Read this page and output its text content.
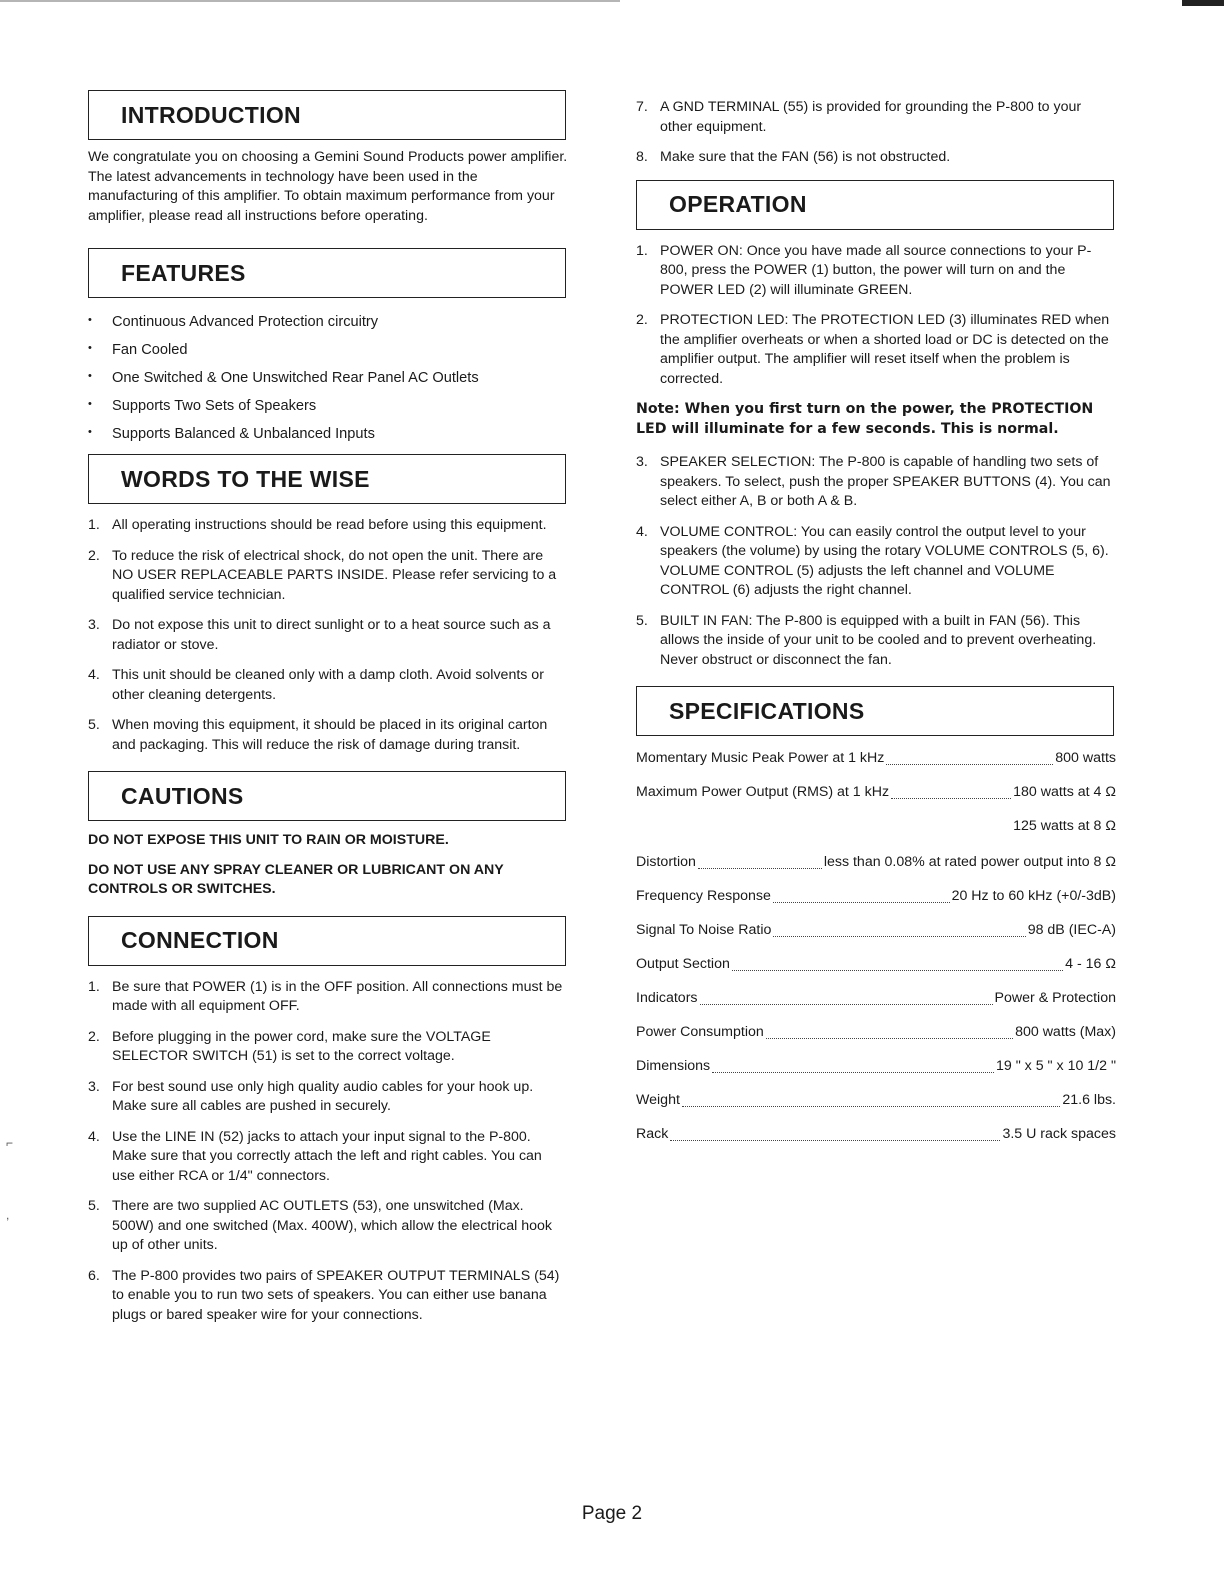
⌐
,
INTRODUCTION

We congratulate you on choosing a Gemini Sound Products power amplifier. The latest advancements in technology have been used in the manufacturing of this amplifier. To obtain maximum performance from your amplifier, please read all instructions before operating.

FEATURES
• Continuous Advanced Protection circuitry
• Fan Cooled
• One Switched & One Unswitched Rear Panel AC Outlets
• Supports Two Sets of Speakers
• Supports Balanced & Unbalanced Inputs
WORDS TO THE WISE
1. All operating instructions should be read before using this equipment.
2. To reduce the risk of electrical shock, do not open the unit. There are NO USER REPLACEABLE PARTS INSIDE. Please refer servicing to a qualified service technician.
3. Do not expose this unit to direct sunlight or to a heat source such as a radiator or stove.
4. This unit should be cleaned only with a damp cloth. Avoid solvents or other cleaning detergents.
5. When moving this equipment, it should be placed in its original carton and packaging. This will reduce the risk of damage during transit.
CAUTIONS

DO NOT EXPOSE THIS UNIT TO RAIN OR MOISTURE.

DO NOT USE ANY SPRAY CLEANER OR LUBRICANT ON ANY CONTROLS OR SWITCHES.

CONNECTION
1. Be sure that POWER (1) is in the OFF position. All connections must be made with all equipment OFF.
2. Before plugging in the power cord, make sure the VOLTAGE SELECTOR SWITCH (51) is set to the correct voltage.
3. For best sound use only high quality audio cables for your hook up. Make sure all cables are pushed in securely.
4. Use the LINE IN (52) jacks to attach your input signal to the P-800. Make sure that you correctly attach the left and right cables. You can use either RCA or 1/4" connectors.
5. There are two supplied AC OUTLETS (53), one unswitched (Max. 500W) and one switched (Max. 400W), which allow the electrical hook up of other units.
6. The P-800 provides two pairs of SPEAKER OUTPUT TERMINALS (54) to enable you to run two sets of speakers. You can either use banana plugs or bared speaker wire for your connections.
7. A GND TERMINAL (55) is provided for grounding the P-800 to your other equipment.
8. Make sure that the FAN (56) is not obstructed.
OPERATION
1. POWER ON: Once you have made all source connections to your P-800, press the POWER (1) button, the power will turn on and the POWER LED (2) will illuminate GREEN.
2. PROTECTION LED: The PROTECTION LED (3) illuminates RED when the amplifier overheats or when a shorted load or DC is detected on the amplifier output. The amplifier will reset itself when the problem is corrected.

Note: When you first turn on the power, the PROTECTION LED will illuminate for a few seconds. This is normal.

3. SPEAKER SELECTION: The P-800 is capable of handling two sets of speakers. To select, push the proper SPEAKER BUTTONS (4). You can select either A, B or both A & B.
4. VOLUME CONTROL: You can easily control the output level to your speakers (the volume) by using the rotary VOLUME CONTROLS (5, 6). VOLUME CONTROL (5) adjusts the left channel and VOLUME CONTROL (6) adjusts the right channel.
5. BUILT IN FAN: The P-800 is equipped with a built in FAN (56). This allows the inside of your unit to be cooled and to prevent overheating. Never obstruct or disconnect the fan.
SPECIFICATIONS
Momentary Music Peak Power at 1 kHz	800 watts
Maximum Power Output (RMS) at 1 kHz	180 watts at 4 Ω
125 watts at 8 Ω
Distortion	less than 0.08% at rated power output into 8 Ω
Frequency Response	20 Hz to 60 kHz (+0/-3dB)
Signal To Noise Ratio	98 dB (IEC-A)
Output Section	4 - 16 Ω
Indicators	Power & Protection
Power Consumption	800 watts (Max)
Dimensions	19 " x 5 " x 10 1/2 "
Weight	21.6 lbs.
Rack	3.5 U rack spaces
Page 2
